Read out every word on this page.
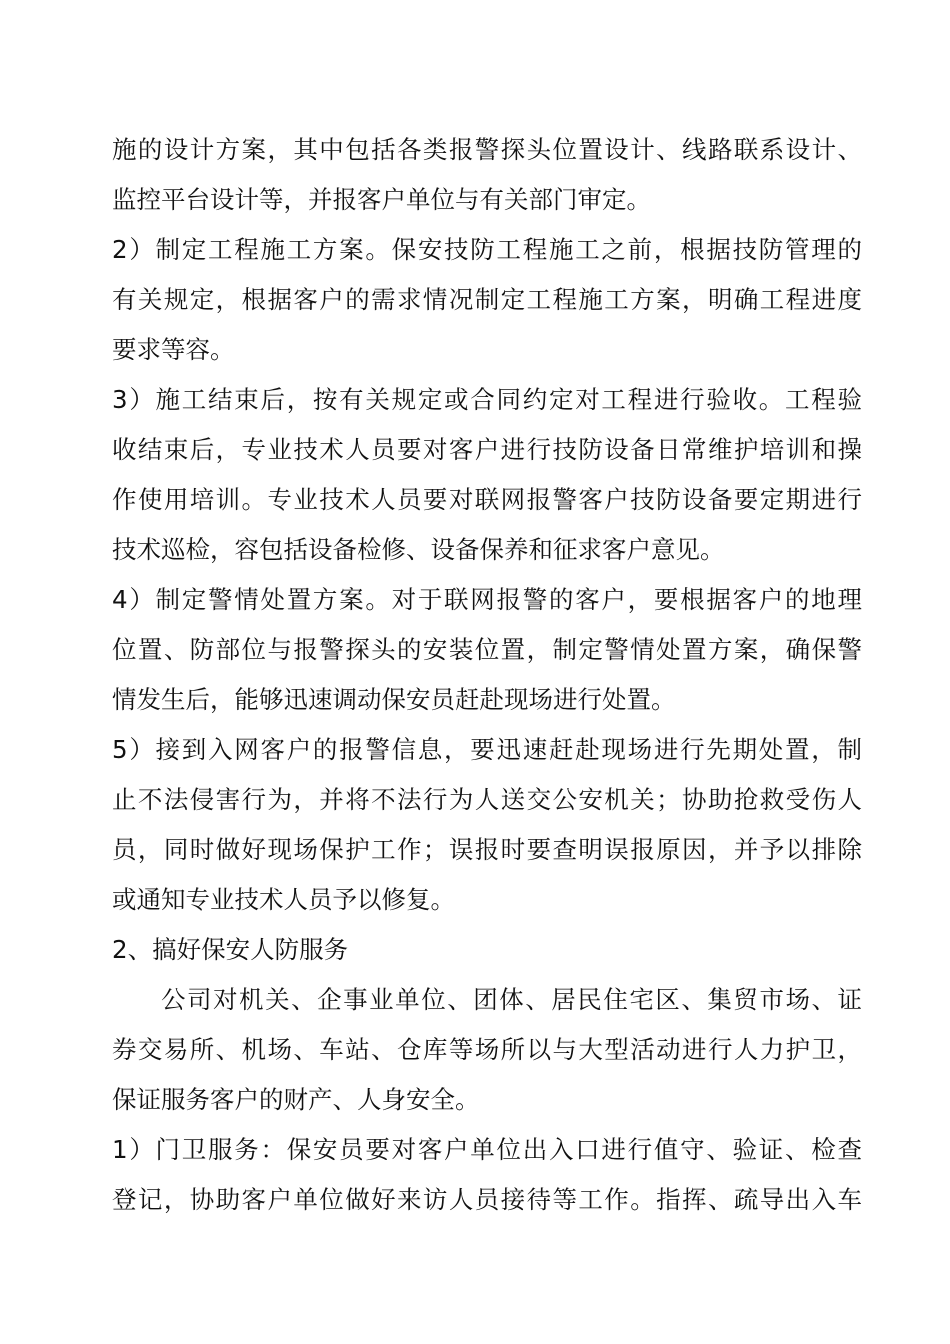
施的设计方案，其中包括各类报警探头位置设计、线路联系设计、
监控平台设计等，并报客户单位与有关部门审定。
2）制定工程施工方案。保安技防工程施工之前，根据技防管理的
有关规定，根据客户的需求情况制定工程施工方案，明确工程进度
要求等容。
3）施工结束后，按有关规定或合同约定对工程进行验收。工程验
收结束后，专业技术人员要对客户进行技防设备日常维护培训和操
作使用培训。专业技术人员要对联网报警客户技防设备要定期进行
技术巡检，容包括设备检修、设备保养和征求客户意见。
4）制定警情处置方案。对于联网报警的客户，要根据客户的地理
位置、防部位与报警探头的安装位置，制定警情处置方案，确保警
情发生后，能够迅速调动保安员赶赴现场进行处置。
5）接到入网客户的报警信息，要迅速赶赴现场进行先期处置，制
止不法侵害行为，并将不法行为人送交公安机关；协助抢救受伤人
员，同时做好现场保护工作；误报时要查明误报原因，并予以排除
或通知专业技术人员予以修复。
2、搞好保安人防服务
公司对机关、企事业单位、团体、居民住宅区、集贸市场、证
券交易所、机场、车站、仓库等场所以与大型活动进行人力护卫，
保证服务客户的财产、人身安全。
1）门卫服务：保安员要对客户单位出入口进行值守、验证、检查
登记，协助客户单位做好来访人员接待等工作。指挥、疏导出入车
